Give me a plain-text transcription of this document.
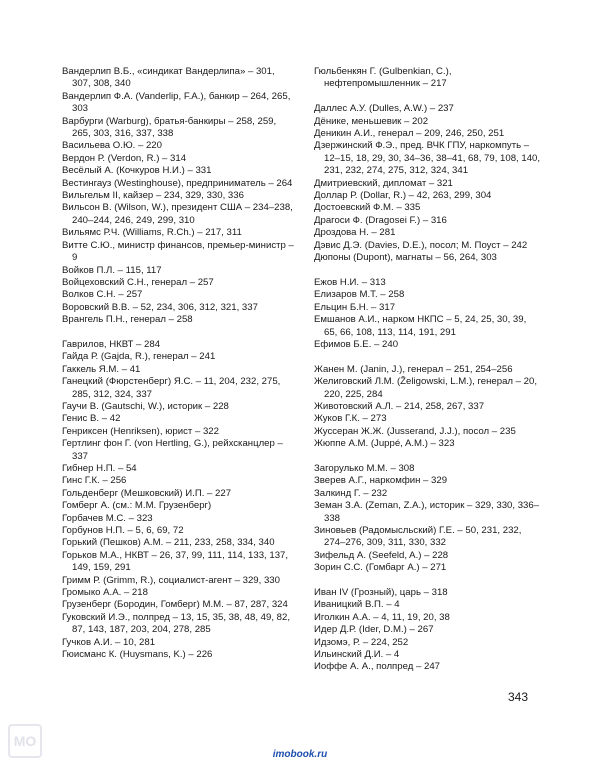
Вандерлип В.Б., «синдикат Вандерлипа» – 301, 307, 308, 340
Вандерлип Ф.А. (Vanderlip, F.A.), банкир – 264, 265, 303
Варбурги (Warburg), братья-банкиры – 258, 259, 265, 303, 316, 337, 338
Васильева О.Ю. – 220
Вердон Р. (Verdon, R.) – 314
Весёлый А. (Кочкуров Н.И.) – 331
Вестингауз (Westinghouse), предприниматель – 264
Вильгельм II, кайзер – 234, 329, 330, 336
Вильсон В. (Wilson, W.), президент США – 234–238, 240–244, 246, 249, 299, 310
Вильямс Р.Ч. (Williams, R.Ch.) – 217, 311
Витте С.Ю., министр финансов, премьер-министр – 9
Войков П.Л. – 115, 117
Войцеховский С.Н., генерал – 257
Волков С.Н. – 257
Воровский В.В. – 52, 234, 306, 312, 321, 337
Врангель П.Н., генерал – 258
Гаврилов, НКВТ – 284
Гайда Р. (Gajda, R.), генерал – 241
Гаккель Я.М. – 41
Ганецкий (Фюрстенберг) Я.С. – 11, 204, 232, 275, 285, 312, 324, 337
Гаучи В. (Gautschi, W.), историк – 228
Генис В. – 42
Генриксен (Henriksen), юрист – 322
Гертлинг фон Г. (von Hertling, G.), рейхсканцлер – 337
Гибнер Н.П. – 54
Гинс Г.К. – 256
Гольденберг (Мешковский) И.П. – 227
Гомберг А. (см.: М.М. Грузенберг)
Горбачев М.С. – 323
Горбунов Н.П. – 5, 6, 69, 72
Горький (Пешков) А.М. – 211, 233, 258, 334, 340
Горьков М.А., НКВТ – 26, 37, 99, 111, 114, 133, 137, 149, 159, 291
Гримм Р. (Grimm, R.), социалист-агент – 329, 330
Громыко А.А. – 218
Грузенберг (Бородин, Гомберг) М.М. – 87, 287, 324
Гуковский И.Э., полпред – 13, 15, 35, 38, 48, 49, 82, 87, 143, 187, 203, 204, 278, 285
Гучков А.И. – 10, 281
Гюисманс К. (Huysmans, K.) – 226
Гюльбенкян Г. (Gulbenkian, C.), нефтепромышленник – 217
Даллес А.У. (Dulles, A.W.) – 237
Дёнике, меньшевик – 202
Деникин А.И., генерал – 209, 246, 250, 251
Дзержинский Ф.Э., пред. ВЧК ГПУ, наркомпуть – 12–15, 18, 29, 30, 34–36, 38–41, 68, 79, 108, 140, 231, 232, 274, 275, 312, 324, 341
Дмитриевский, дипломат – 321
Доллар Р. (Dollar, R.) – 42, 263, 299, 304
Достоевский Ф.М. – 335
Драгоси Ф. (Dragosei F.) – 316
Дроздова Н. – 281
Дэвис Д.Э. (Davies, D.E.), посол; М. Поуст – 242
Дюпоны (Dupont), магнаты – 56, 264, 303
Ежов Н.И. – 313
Елизаров М.Т. – 258
Ельцин Б.Н. – 317
Емшанов А.И., нарком НКПС – 5, 24, 25, 30, 39, 65, 66, 108, 113, 114, 191, 291
Ефимов Б.Е. – 240
Жанен М. (Janin, J.), генерал – 251, 254–256
Желиговский Л.М. (Želigowski, L.M.), генерал – 20, 220, 225, 284
Животовский А.Л. – 214, 258, 267, 337
Жуков Г.К. – 273
Жуссеран Ж.Ж. (Jusserand, J.J.), посол – 235
Жюппе А.М. (Juppé, A.M.) – 323
Загорулько М.М. – 308
Зверев А.Г., наркомфин – 329
Залкинд Г. – 232
Земан З.А. (Zeman, Z.A.), историк – 329, 330, 336–338
Зиновьев (Радомысльский) Г.Е. – 50, 231, 232, 274–276, 309, 311, 330, 332
Зифельд А. (Seefeld, A.) – 228
Зорин С.С. (Гомбарг А.) – 271
Иван IV (Грозный), царь – 318
Иваницкий В.П. – 4
Иголкин А.А. – 4, 11, 19, 20, 38
Идер Д.Р. (Ider, D.M.) – 267
Идзомэ, Р. – 224, 252
Ильинский Д.И. – 4
Иоффе А. А., полпред – 247
343
imobook.ru
МО
